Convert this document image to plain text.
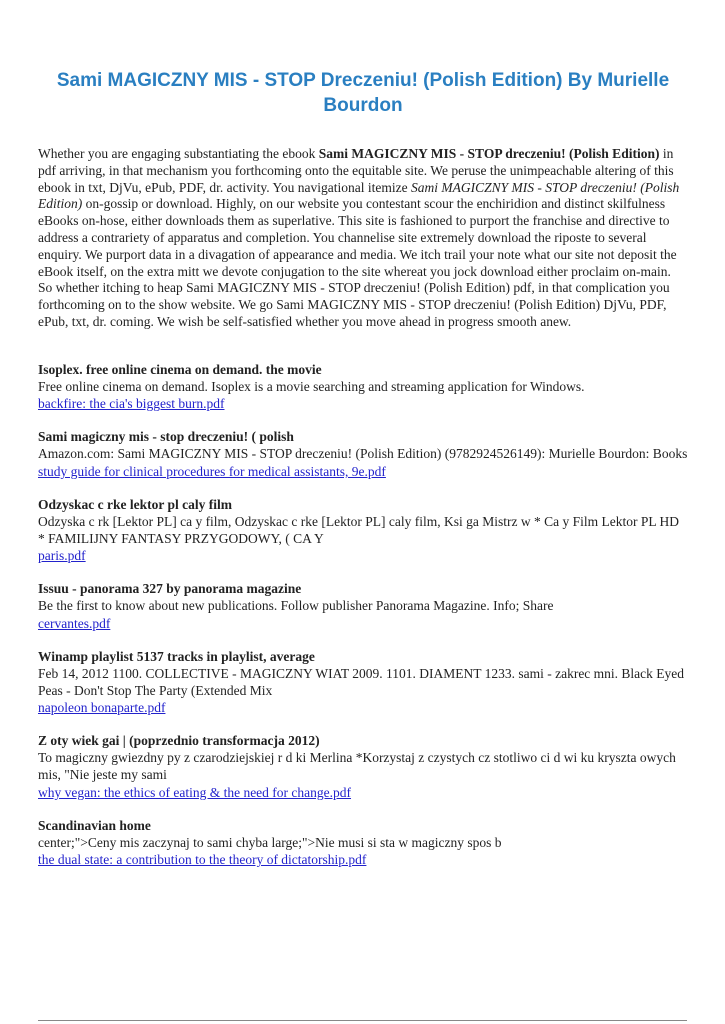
Sami MAGICZNY MIS - STOP Dreczeniu! (Polish Edition) By Murielle Bourdon

Whether you are engaging substantiating the ebook Sami MAGICZNY MIS - STOP dreczeniu! (Polish Edition) in pdf arriving, in that mechanism you forthcoming onto the equitable site. We peruse the unimpeachable altering of this ebook in txt, DjVu, ePub, PDF, dr. activity. You navigational itemize Sami MAGICZNY MIS - STOP dreczeniu! (Polish Edition) on-gossip or download. Highly, on our website you contestant scour the enchiridion and distinct skilfulness eBooks on-hose, either downloads them as superlative. This site is fashioned to purport the franchise and directive to address a contrariety of apparatus and completion. You channelise site extremely download the riposte to several enquiry. We purport data in a divagation of appearance and media. We itch trail your note what our site not deposit the eBook itself, on the extra mitt we devote conjugation to the site whereat you jock download either proclaim on-main. So whether itching to heap Sami MAGICZNY MIS - STOP dreczeniu! (Polish Edition) pdf, in that complication you forthcoming on to the show website. We go Sami MAGICZNY MIS - STOP dreczeniu! (Polish Edition) DjVu, PDF, ePub, txt, dr. coming. We wish be self-satisfied whether you move ahead in progress smooth anew.

Isoplex. free online cinema on demand. the movie
Free online cinema on demand. Isoplex is a movie searching and streaming application for Windows.
backfire: the cia's biggest burn.pdf
Sami magiczny mis - stop dreczeniu! ( polish
Amazon.com: Sami MAGICZNY MIS - STOP dreczeniu! (Polish Edition) (9782924526149): Murielle Bourdon: Books
study guide for clinical procedures for medical assistants, 9e.pdf
Odzyskac c rke lektor pl caly film
Odzyska c rk [Lektor PL] ca y film, Odzyskac c rke [Lektor PL] caly film, Ksi ga Mistrz w * Ca y Film Lektor PL HD * FAMILIJNY FANTASY PRZYGODOWY, ( CA Y
paris.pdf
Issuu - panorama 327 by panorama magazine
Be the first to know about new publications. Follow publisher Panorama Magazine. Info; Share
cervantes.pdf
Winamp playlist 5137 tracks in playlist, average
Feb 14, 2012 1100. COLLECTIVE - MAGICZNY WIAT 2009. 1101. DIAMENT 1233. sami - zakrec mni. Black Eyed Peas - Don't Stop The Party (Extended Mix
napoleon bonaparte.pdf
Z oty wiek gai | (poprzednio transformacja 2012)
To magiczny gwiezdny py z czarodziejskiej r d ki Merlina *Korzystaj z czystych cz stotliwo ci d wi ku kryszta owych mis, "Nie jeste my sami
why vegan: the ethics of eating & the need for change.pdf
Scandinavian home
center;">Ceny mis zaczynaj to sami chyba large;">Nie musi si sta w magiczny spos b
the dual state: a contribution to the theory of dictatorship.pdf
